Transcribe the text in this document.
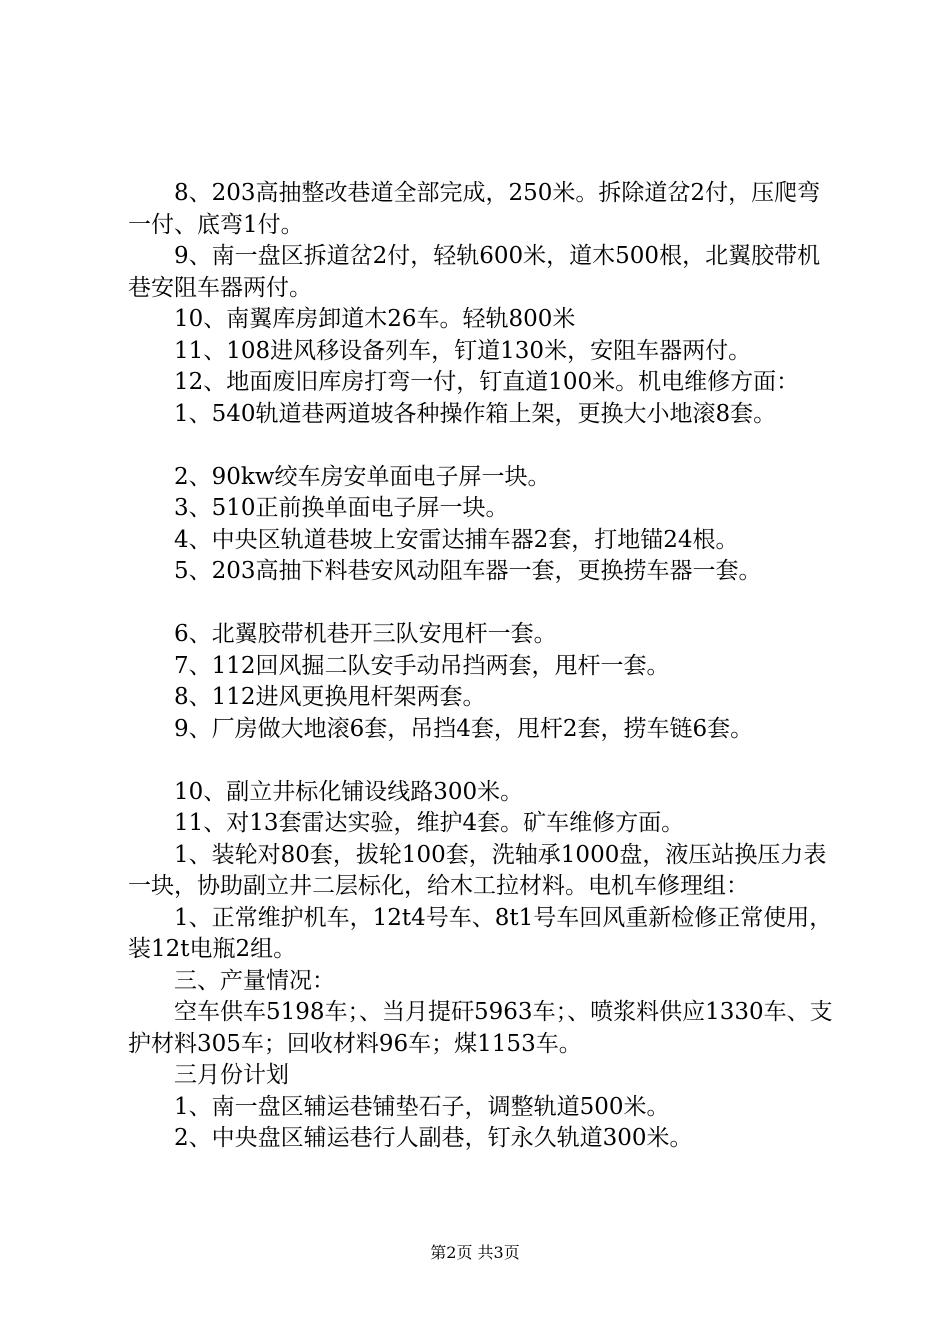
8、203高抽整改巷道全部完成，250米。拆除道岔2付，压爬弯一付、底弯1付。

9、南一盘区拆道岔2付，轻轨600米，道木500根，北翼胶带机巷安阻车器两付。

10、南翼库房卸道木26车。轻轨800米

11、108进风移设备列车，钉道130米，安阻车器两付。

12、地面废旧库房打弯一付，钉直道100米。机电维修方面：

1、540轨道巷两道坡各种操作箱上架，更换大小地滚8套。

2、90kw绞车房安单面电子屏一块。

3、510正前换单面电子屏一块。

4、中央区轨道巷坡上安雷达捕车器2套，打地锚24根。

5、203高抽下料巷安风动阻车器一套，更换捞车器一套。

6、北翼胶带机巷开三队安甩杆一套。

7、112回风掘二队安手动吊挡两套，甩杆一套。

8、112进风更换甩杆架两套。

9、厂房做大地滚6套，吊挡4套，甩杆2套，捞车链6套。

10、副立井标化铺设线路300米。

11、对13套雷达实验，维护4套。矿车维修方面。

1、装轮对80套，拔轮100套，洗轴承1000盘，液压站换压力表一块，协助副立井二层标化，给木工拉材料。电机车修理组：

1、正常维护机车，12t4号车、8t1号车回风重新检修正常使用，装12t电瓶2组。

三、产量情况：

空车供车5198车；、当月提矸5963车；、喷浆料供应1330车、支护材料305车；回收材料96车；煤1153车。

三月份计划

1、南一盘区辅运巷铺垫石子，调整轨道500米。

2、中央盘区辅运巷行人副巷，钉永久轨道300米。

第2页 共3页
